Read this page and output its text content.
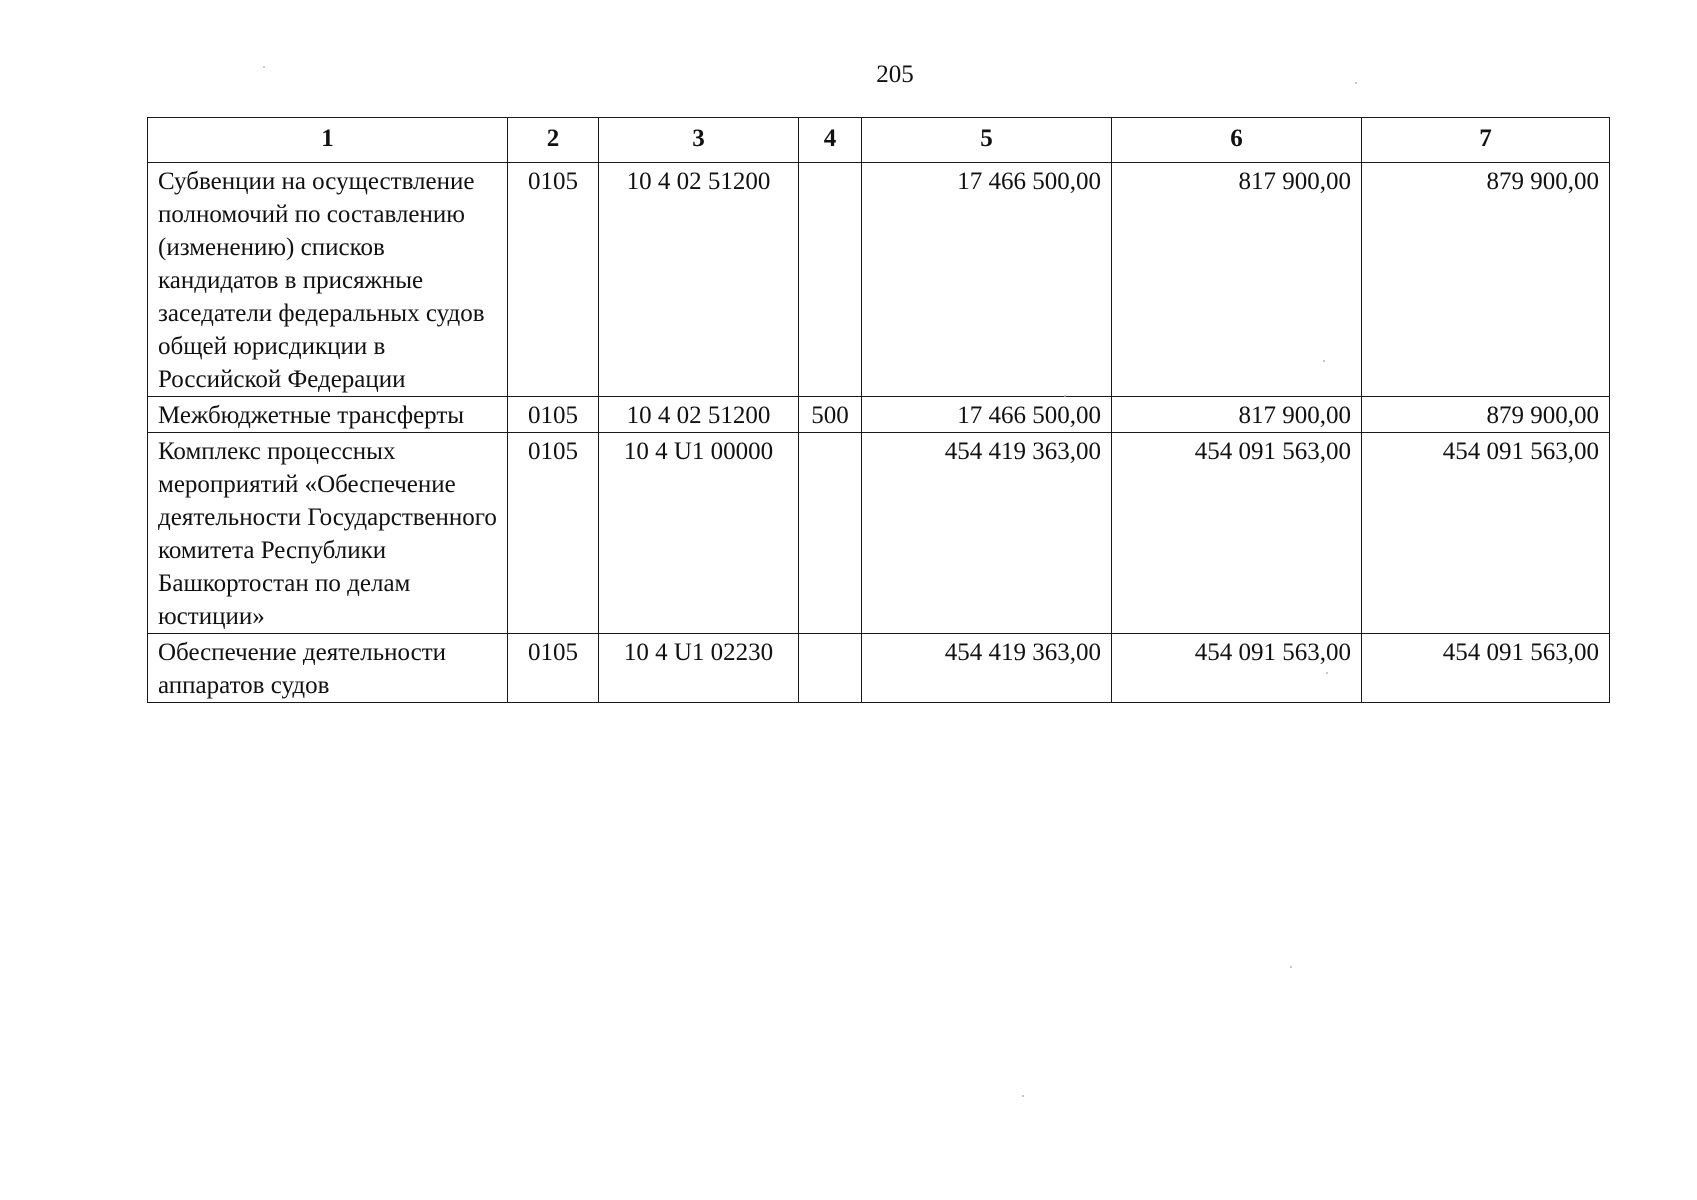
205
1	2	3	4	5	6	7
Субвенции на осуществление полномочий по составлению (изменению) списков кандидатов в присяжные заседатели федеральных судов общей юрисдикции в Российской Федерации	0105	10 4 02 51200		17 466 500,00	817 900,00	879 900,00
Межбюджетные трансферты	0105	10 4 02 51200	500	17 466 500,00	817 900,00	879 900,00
Комплекс процессных мероприятий «Обеспечение деятельности Государственного комитета Республики Башкортостан по делам юстиции»	0105	10 4 U1 00000		454 419 363,00	454 091 563,00	454 091 563,00
Обеспечение деятельности аппаратов судов	0105	10 4 U1 02230		454 419 363,00	454 091 563,00	454 091 563,00
